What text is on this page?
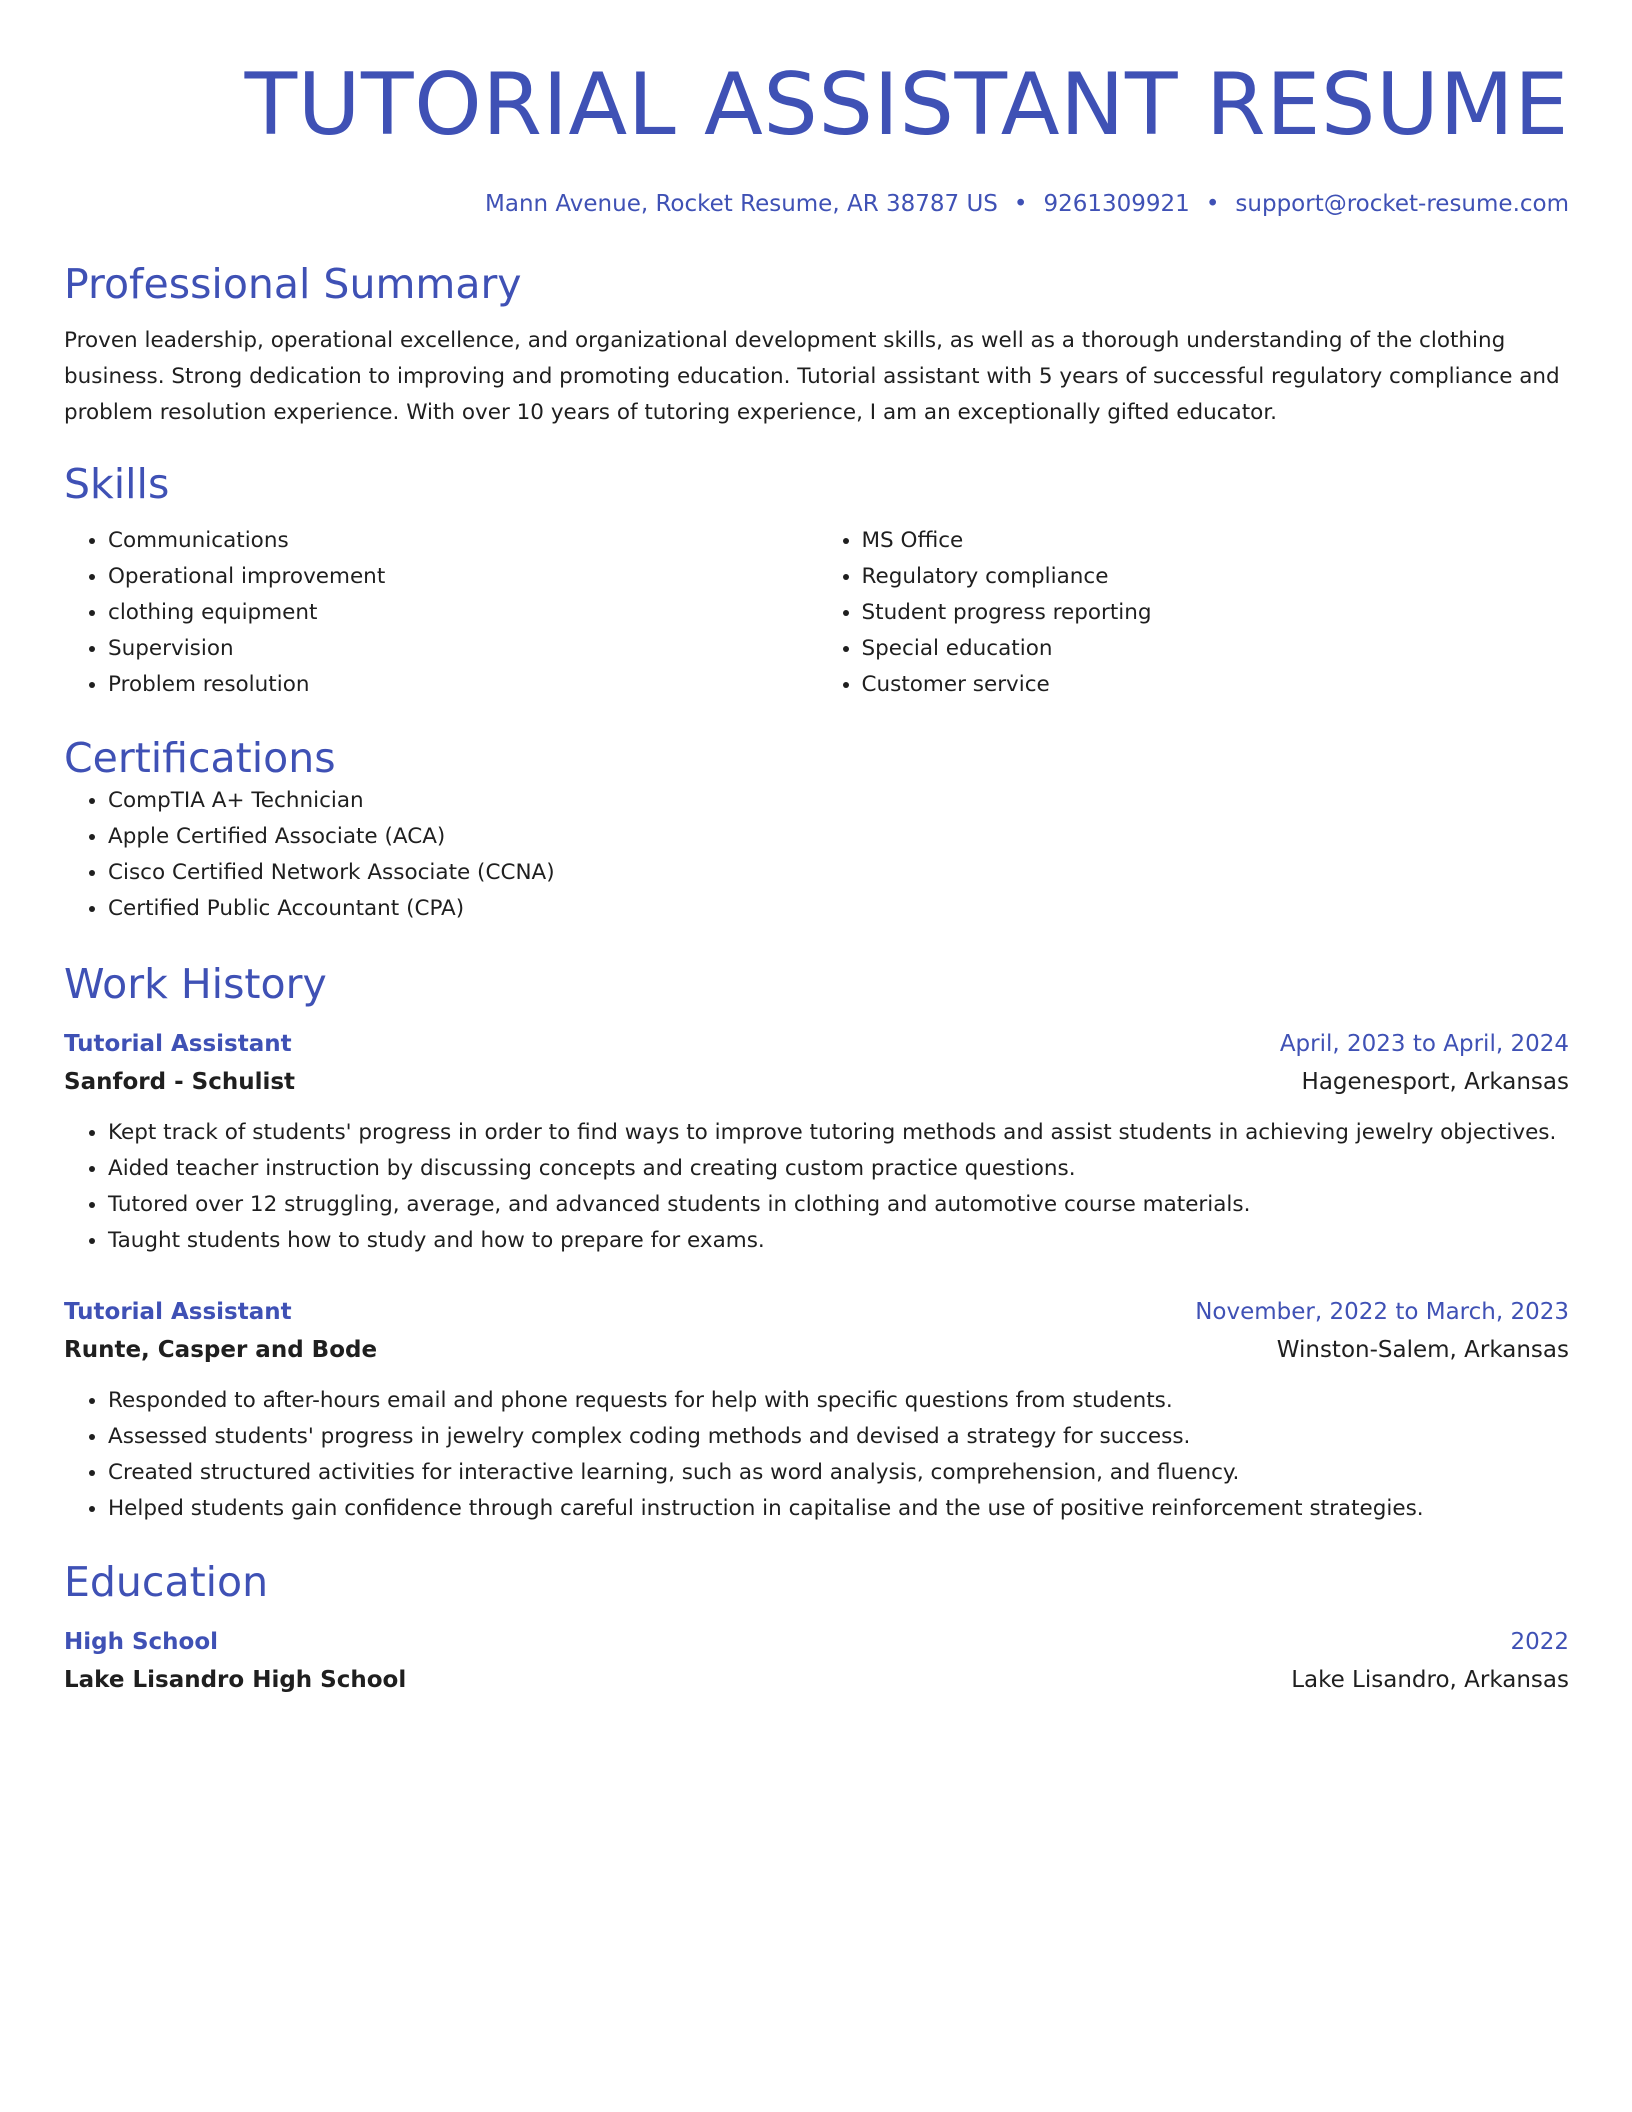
TUTORIAL ASSISTANT RESUME
Mann Avenue, Rocket Resume, AR 38787 US • 9261309921 • support@rocket-resume.com
Professional Summary

Proven leadership, operational excellence, and organizational development skills, as well as a thorough understanding of the clothing business. Strong dedication to improving and promoting education. Tutorial assistant with 5 years of successful regulatory compliance and problem resolution experience. With over 10 years of tutoring experience, I am an exceptionally gifted educator.

Skills
• Communications
• Operational improvement
• clothing equipment
• Supervision
• Problem resolution
• MS Office
• Regulatory compliance
• Student progress reporting
• Special education
• Customer service
Certifications
• CompTIA A+ Technician
• Apple Certified Associate (ACA)
• Cisco Certified Network Associate (CCNA)
• Certified Public Accountant (CPA)
Work History
Tutorial Assistant	April, 2023 to April, 2024
Sanford - Schulist	Hagenesport, Arkansas
• Kept track of students' progress in order to find ways to improve tutoring methods and assist students in achieving jewelry objectives.
• Aided teacher instruction by discussing concepts and creating custom practice questions.
• Tutored over 12 struggling, average, and advanced students in clothing and automotive course materials.
• Taught students how to study and how to prepare for exams.
Tutorial Assistant	November, 2022 to March, 2023
Runte, Casper and Bode	Winston-Salem, Arkansas
• Responded to after-hours email and phone requests for help with specific questions from students.
• Assessed students' progress in jewelry complex coding methods and devised a strategy for success.
• Created structured activities for interactive learning, such as word analysis, comprehension, and fluency.
• Helped students gain confidence through careful instruction in capitalise and the use of positive reinforcement strategies.
Education
High School	2022
Lake Lisandro High School	Lake Lisandro, Arkansas
